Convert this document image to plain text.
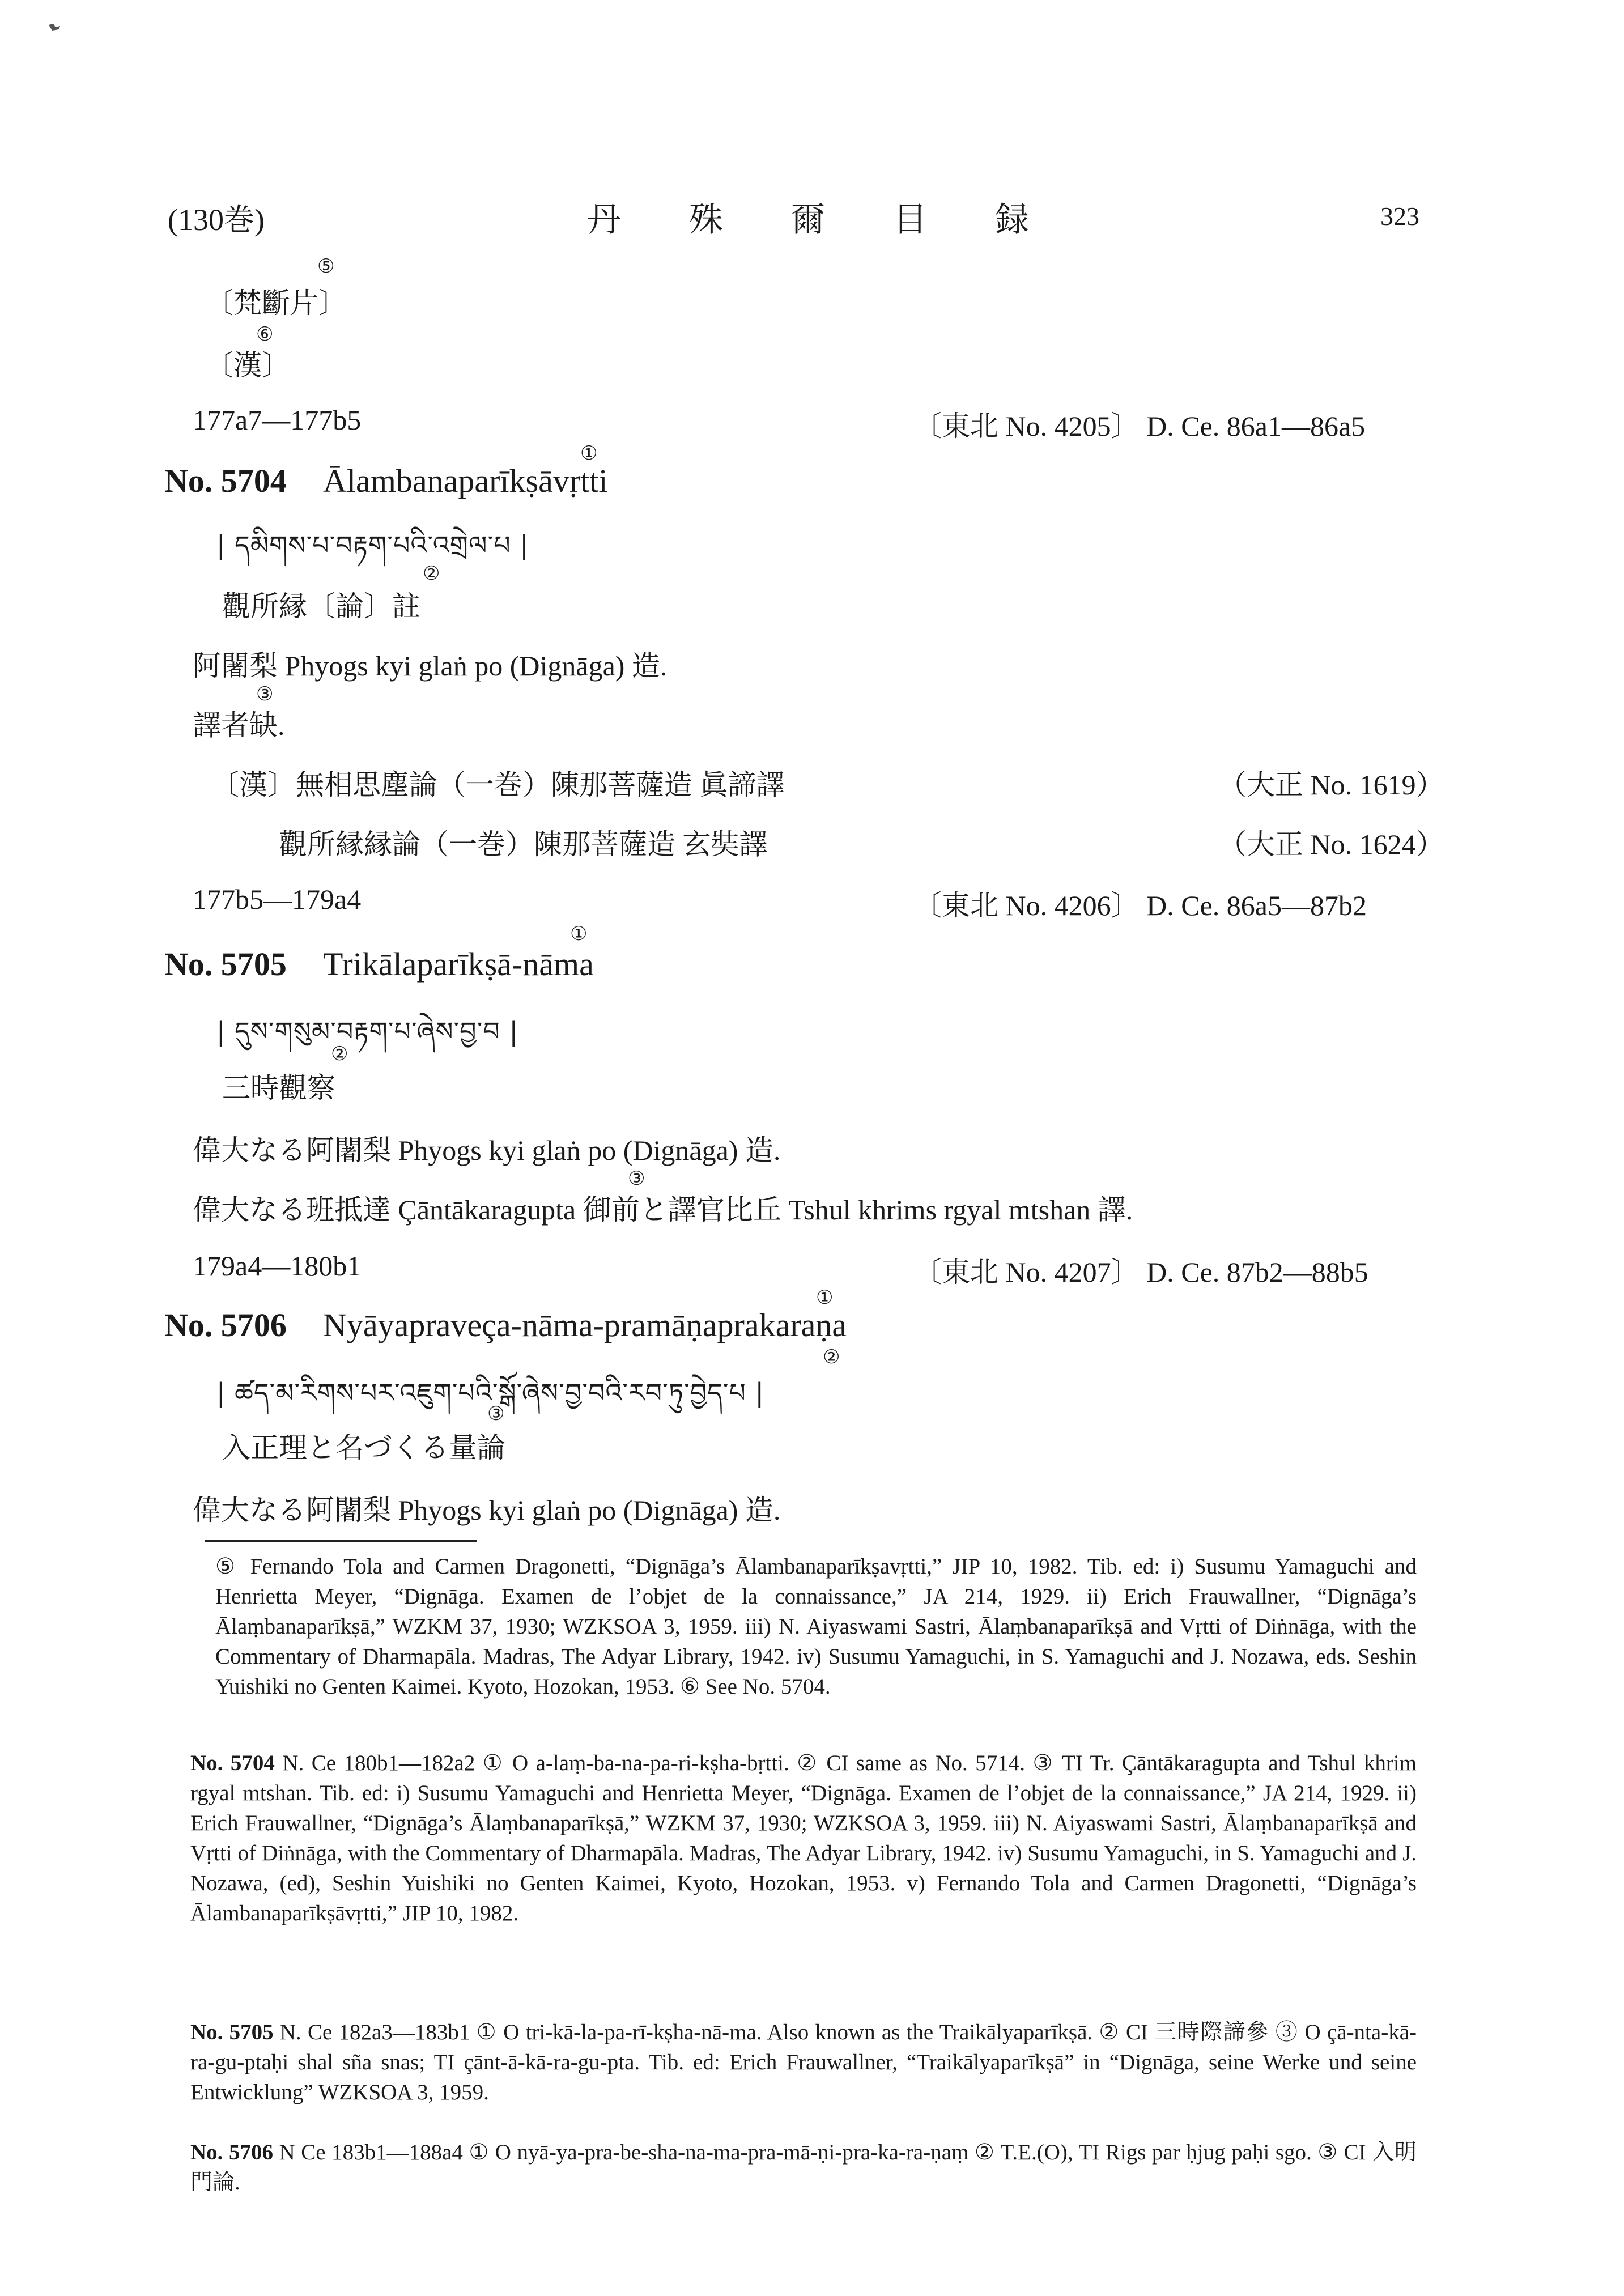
(130巻)	丹　　殊　　爾　　目　　録	323
⑤
〔梵斷片〕
⑥
〔漢〕
177a7—177b5	〔東北 No. 4205〕 D. Ce. 86a1—86a5
①
No. 5704 Ālambanaparīkṣāvṛtti
| དམིགས་པ་བརྟག་པའི་འགྲེལ་པ |
②
觀所縁〔論〕註
阿闍梨 Phyogs kyi glaṅ po (Dignāga) 造.
③
譯者缺.
〔漢〕無相思塵論（一巻）陳那菩薩造 眞諦譯	（大正 No. 1619）
觀所縁縁論（一巻）陳那菩薩造 玄奘譯	（大正 No. 1624）
177b5—179a4	〔東北 No. 4206〕 D. Ce. 86a5—87b2
①
No. 5705 Trikālaparīkṣā-nāma
| དུས་གསུམ་བརྟག་པ་ཞེས་བྱ་བ |
②
三時觀察
偉大なる阿闍梨 Phyogs kyi glaṅ po (Dignāga) 造.
③
偉大なる班抵達 Çāntākaragupta 御前と譯官比丘 Tshul khrims rgyal mtshan 譯.
179a4—180b1	〔東北 No. 4207〕 D. Ce. 87b2—88b5
①
No. 5706 Nyāyapraveça-nāma-pramāṇaprakaraṇa
| ཚད་མ་རིགས་པར་འཇུག་པའི་སྒོ་ཞེས་བྱ་བའི་རབ་ཏུ་བྱེད་པ |
②
③
入正理と名づくる量論
偉大なる阿闍梨 Phyogs kyi glaṅ po (Dignāga) 造.
⑤ Fernando Tola and Carmen Dragonetti, “Dignāga’s Ālambanaparīkṣavṛtti,” JIP 10, 1982. Tib. ed: i) Susumu Yamaguchi and Henrietta Meyer, “Dignāga. Examen de l’objet de la connaissance,” JA 214, 1929. ii) Erich Frauwallner, “Dignāga’s Ālaṃbanaparīkṣā,” WZKM 37, 1930; WZKSOA 3, 1959. iii) N. Aiyaswami Sastri, Ālaṃbanaparīkṣā and Vṛtti of Diṅnāga, with the Commentary of Dharmapāla. Madras, The Adyar Library, 1942. iv) Susumu Yamaguchi, in S. Yamaguchi and J. Nozawa, eds. Seshin Yuishiki no Genten Kaimei. Kyoto, Hozokan, 1953. ⑥ See No. 5704.
No. 5704 N. Ce 180b1—182a2 ① O a-laṃ-ba-na-pa-ri-kṣha-bṛtti. ② CI same as No. 5714. ③ TI Tr. Çāntākaragupta and Tshul khrim rgyal mtshan. Tib. ed: i) Susumu Yamaguchi and Henrietta Meyer, “Dignāga. Examen de l’objet de la connaissance,” JA 214, 1929. ii) Erich Frauwallner, “Dignāga’s Ālaṃbanaparīkṣā,” WZKM 37, 1930; WZKSOA 3, 1959. iii) N. Aiyaswami Sastri, Ālaṃbanaparīkṣā and Vṛtti of Diṅnāga, with the Commentary of Dharmapāla. Madras, The Adyar Library, 1942. iv) Susumu Yamaguchi, in S. Yamaguchi and J. Nozawa, (ed), Seshin Yuishiki no Genten Kaimei, Kyoto, Hozokan, 1953. v) Fernando Tola and Carmen Dragonetti, “Dignāga’s Ālambanaparīkṣāvṛtti,” JIP 10, 1982.
No. 5705 N. Ce 182a3—183b1 ① O tri-kā-la-pa-rī-kṣha-nā-ma. Also known as the Traikālyaparīkṣā. ② CI 三時際諦參 ③ O çā-nta-kā-ra-gu-ptaḥi shal sña snas; TI çānt-ā-kā-ra-gu-pta. Tib. ed: Erich Frauwallner, “Traikālyaparīkṣā” in “Dignāga, seine Werke und seine Entwicklung” WZKSOA 3, 1959.
No. 5706 N Ce 183b1—188a4 ① O nyā-ya-pra-be-sha-na-ma-pra-mā-ṇi-pra-ka-ra-ṇaṃ ② T.E.(O), TI Rigs par ḥjug paḥi sgo. ③ CI 入明門論.
